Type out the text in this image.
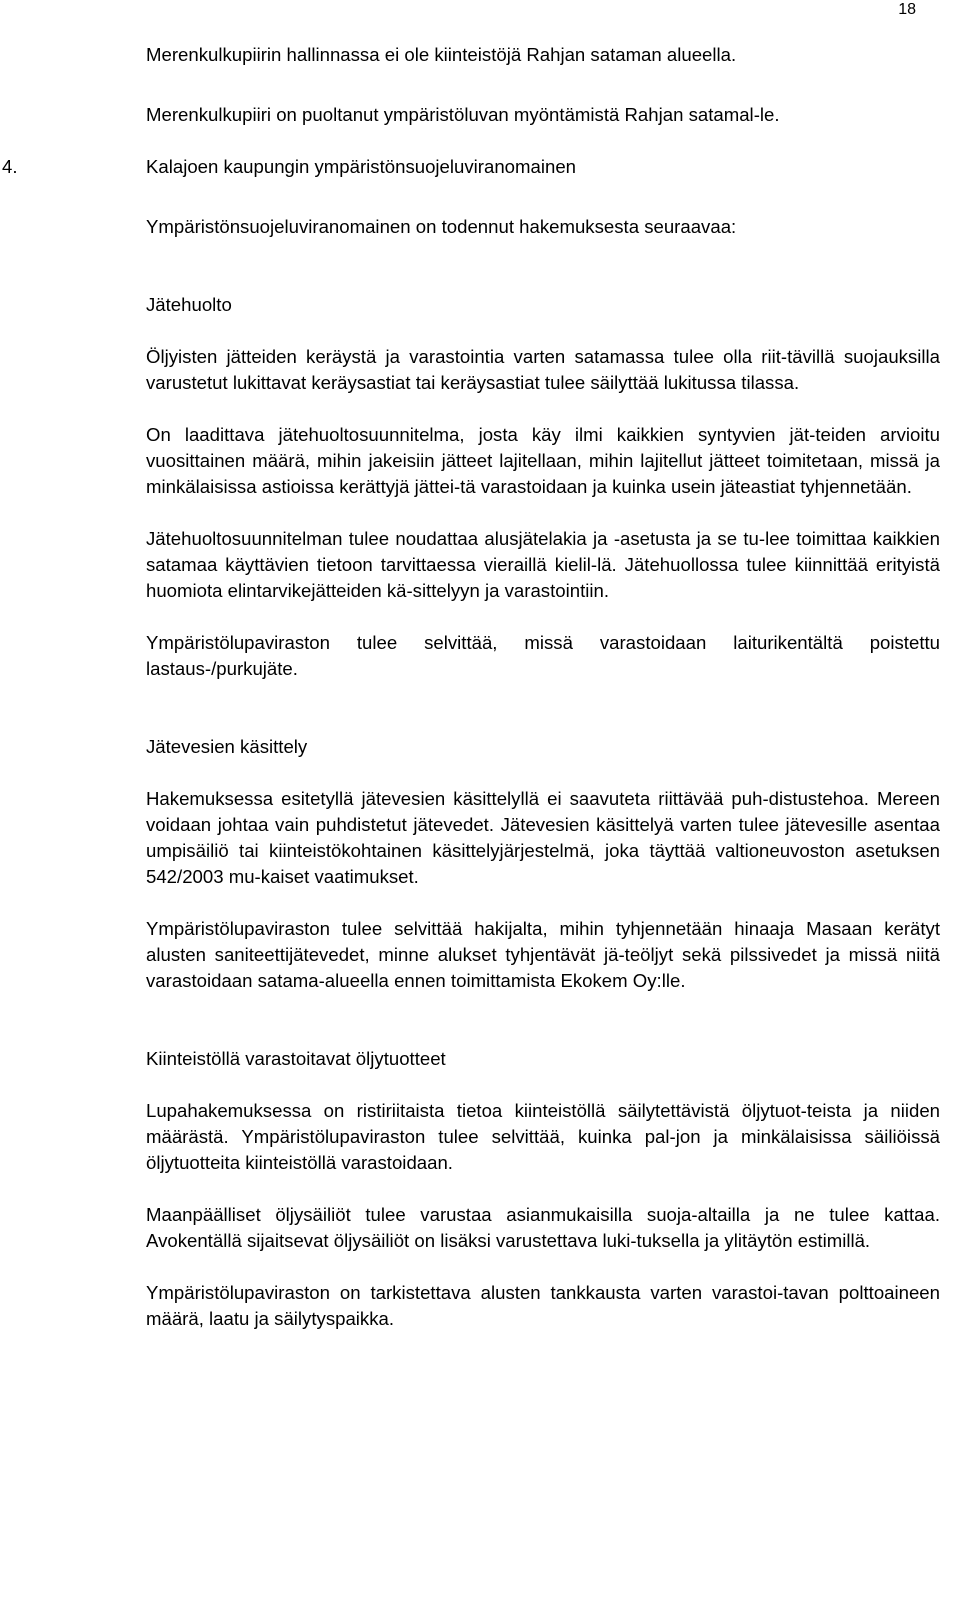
18

Merenkulkupiirin hallinnassa ei ole kiinteistöjä Rahjan sataman alueella.

Merenkulkupiiri on puoltanut ympäristöluvan myöntämistä Rahjan satamal-le.

4.	Kalajoen kaupungin ympäristönsuojeluviranomainen

Ympäristönsuojeluviranomainen on todennut hakemuksesta seuraavaa:

Jätehuolto

Öljyisten jätteiden keräystä ja varastointia varten satamassa tulee olla riit-tävillä suojauksilla varustetut lukittavat keräysastiat tai keräysastiat tulee säilyttää lukitussa tilassa.

On laadittava jätehuoltosuunnitelma, josta käy ilmi kaikkien syntyvien jät-teiden arvioitu vuosittainen määrä, mihin jakeisiin jätteet lajitellaan, mihin lajitellut jätteet toimitetaan, missä ja minkälaisissa astioissa kerättyjä jättei-tä varastoidaan ja kuinka usein jäteastiat tyhjennetään.

Jätehuoltosuunnitelman tulee noudattaa alusjätelakia ja -asetusta ja se tu-lee toimittaa kaikkien satamaa käyttävien tietoon tarvittaessa vieraillä kielil-lä. Jätehuollossa tulee kiinnittää erityistä huomiota elintarvikejätteiden kä-sittelyyn ja varastointiin.

Ympäristölupaviraston tulee selvittää, missä varastoidaan laiturikentältä poistettu lastaus-/purkujäte.

Jätevesien käsittely

Hakemuksessa esitetyllä jätevesien käsittelyllä ei saavuteta riittävää puh-distustehoa. Mereen voidaan johtaa vain puhdistetut jätevedet. Jätevesien käsittelyä varten tulee jätevesille asentaa umpisäiliö tai kiinteistökohtainen käsittelyjärjestelmä, joka täyttää valtioneuvoston asetuksen 542/2003 mu-kaiset vaatimukset.

Ympäristölupaviraston tulee selvittää hakijalta, mihin tyhjennetään hinaaja Masaan kerätyt alusten saniteettijätevedet, minne alukset tyhjentävät jä-teöljyt sekä pilssivedet ja missä niitä varastoidaan satama-alueella ennen toimittamista Ekokem Oy:lle.

Kiinteistöllä varastoitavat öljytuotteet

Lupahakemuksessa on ristiriitaista tietoa kiinteistöllä säilytettävistä öljytuot-teista ja niiden määrästä. Ympäristölupaviraston tulee selvittää, kuinka pal-jon ja minkälaisissa säiliöissä öljytuotteita kiinteistöllä varastoidaan.

Maanpäälliset öljysäiliöt tulee varustaa asianmukaisilla suoja-altailla ja ne tulee kattaa. Avokentällä sijaitsevat öljysäiliöt on lisäksi varustettava luki-tuksella ja ylitäytön estimillä.

Ympäristölupaviraston on tarkistettava alusten tankkausta varten varastoi-tavan polttoaineen määrä, laatu ja säilytyspaikka.
